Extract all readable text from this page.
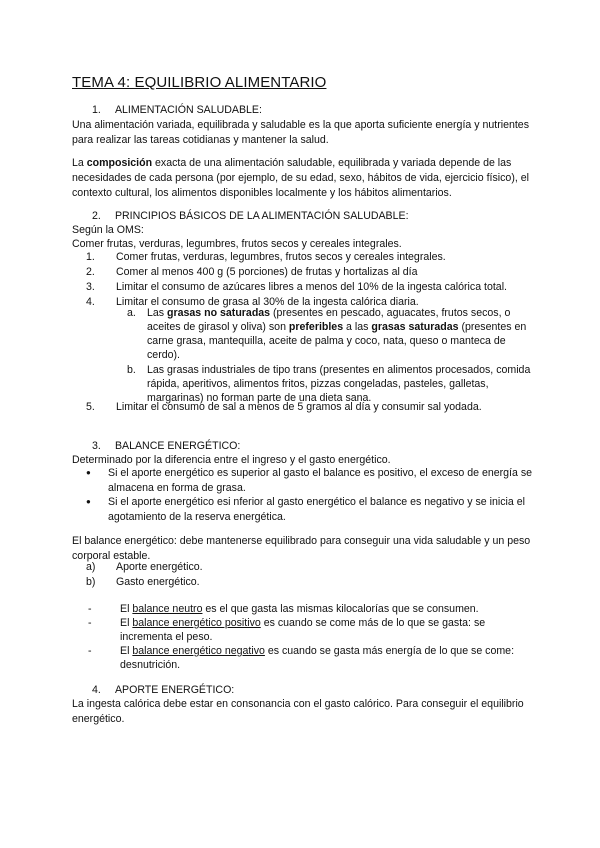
TEMA 4: EQUILIBRIO ALIMENTARIO
1. ALIMENTACIÓN SALUDABLE:

Una alimentación variada, equilibrada y saludable es la que aporta suficiente energía y nutrientes para realizar las tareas cotidianas y mantener la salud.

La composición exacta de una alimentación saludable, equilibrada y variada depende de las necesidades de cada persona (por ejemplo, de su edad, sexo, hábitos de vida, ejercicio físico), el contexto cultural, los alimentos disponibles localmente y los hábitos alimentarios.

2. PRINCIPIOS BÁSICOS DE LA ALIMENTACIÓN SALUDABLE:

Según la OMS:

Comer frutas, verduras, legumbres, frutos secos y cereales integrales.

1.	Comer frutas, verduras, legumbres, frutos secos y cereales integrales.
2.	Comer al menos 400 g (5 porciones) de frutas y hortalizas al día
3.	Limitar el consumo de azúcares libres a menos del 10% de la ingesta calórica total.
4.	Limitar el consumo de grasa al 30% de la ingesta calórica diaria.
a.	Las grasas no saturadas (presentes en pescado, aguacates, frutos secos, o aceites de girasol y oliva) son preferibles a las grasas saturadas (presentes en carne grasa, mantequilla, aceite de palma y coco, nata, queso o manteca de cerdo).
b.	Las grasas industriales de tipo trans (presentes en alimentos procesados, comida rápida, aperitivos, alimentos fritos, pizzas congeladas, pasteles, galletas, margarinas) no forman parte de una dieta sana.
5.	Limitar el consumo de sal a menos de 5 gramos al día y consumir sal yodada.
3. BALANCE ENERGÉTICO:

Determinado por la diferencia entre el ingreso y el gasto energético.

●	Si el aporte energético es superior al gasto el balance es positivo, el exceso de energía se almacena en forma de grasa.
●	Si el aporte energético esi nferior al gasto energético el balance es negativo y se inicia el agotamiento de la reserva energética.

El balance energético: debe mantenerse equilibrado para conseguir una vida saludable y un peso corporal estable.

a)	Aporte energético.
b)	Gasto energético.
-	El balance neutro es el que gasta las mismas kilocalorías que se consumen.
-	El balance energético positivo es cuando se come más de lo que se gasta: se incrementa el peso.
-	El balance energético negativo es cuando se gasta más energía de lo que se come: desnutrición.
4. APORTE ENERGÉTICO:

La ingesta calórica debe estar en consonancia con el gasto calórico. Para conseguir el equilibrio energético.
